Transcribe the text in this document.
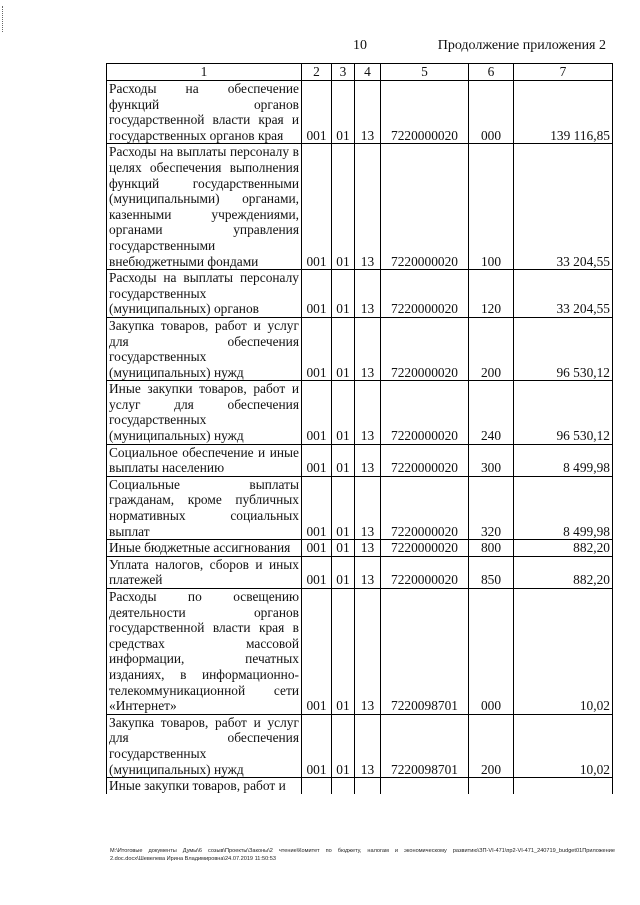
10	Продолжение приложения 2
1	2	3	4	5	6	7
Расходы на обеспечение функций органов государственной власти края и государственных органов края	001	01	13	7220000020	000	139 116,85
Расходы на выплаты персоналу в целях обеспечения выполнения функций государственными (муниципальными) органами, казенными учреждениями, органами управления государственными внебюджетными фондами	001	01	13	7220000020	100	33 204,55
Расходы на выплаты персоналу государственных (муниципальных) органов	001	01	13	7220000020	120	33 204,55
Закупка товаров, работ и услуг для обеспечения государственных (муниципальных) нужд	001	01	13	7220000020	200	96 530,12
Иные закупки товаров, работ и услуг для обеспечения государственных (муниципальных) нужд	001	01	13	7220000020	240	96 530,12
Социальное обеспечение и иные выплаты населению	001	01	13	7220000020	300	8 499,98
Социальные выплаты гражданам, кроме публичных нормативных социальных выплат	001	01	13	7220000020	320	8 499,98
Иные бюджетные ассигнования	001	01	13	7220000020	800	882,20
Уплата налогов, сборов и иных платежей	001	01	13	7220000020	850	882,20
Расходы по освещению деятельности органов государственной власти края в средствах массовой информации, печатных изданиях, в информационно-телекоммуникационной сети «Интернет»	001	01	13	7220098701	000	10,02
Закупка товаров, работ и услуг для обеспечения государственных (муниципальных) нужд	001	01	13	7220098701	200	10,02
Иные закупки товаров, работ и						
M:\Итоговые документы Думы\6 созыв\Проекты\Законы\2 чтение\Комитет по бюджету, налогам и экономическому развитию\ЗП-VI-471\пр2-VI-471_240719_budget01Приложение 2.doc.docx\Шевелева Ирина Владимировна\24.07.2019 11:50:53
